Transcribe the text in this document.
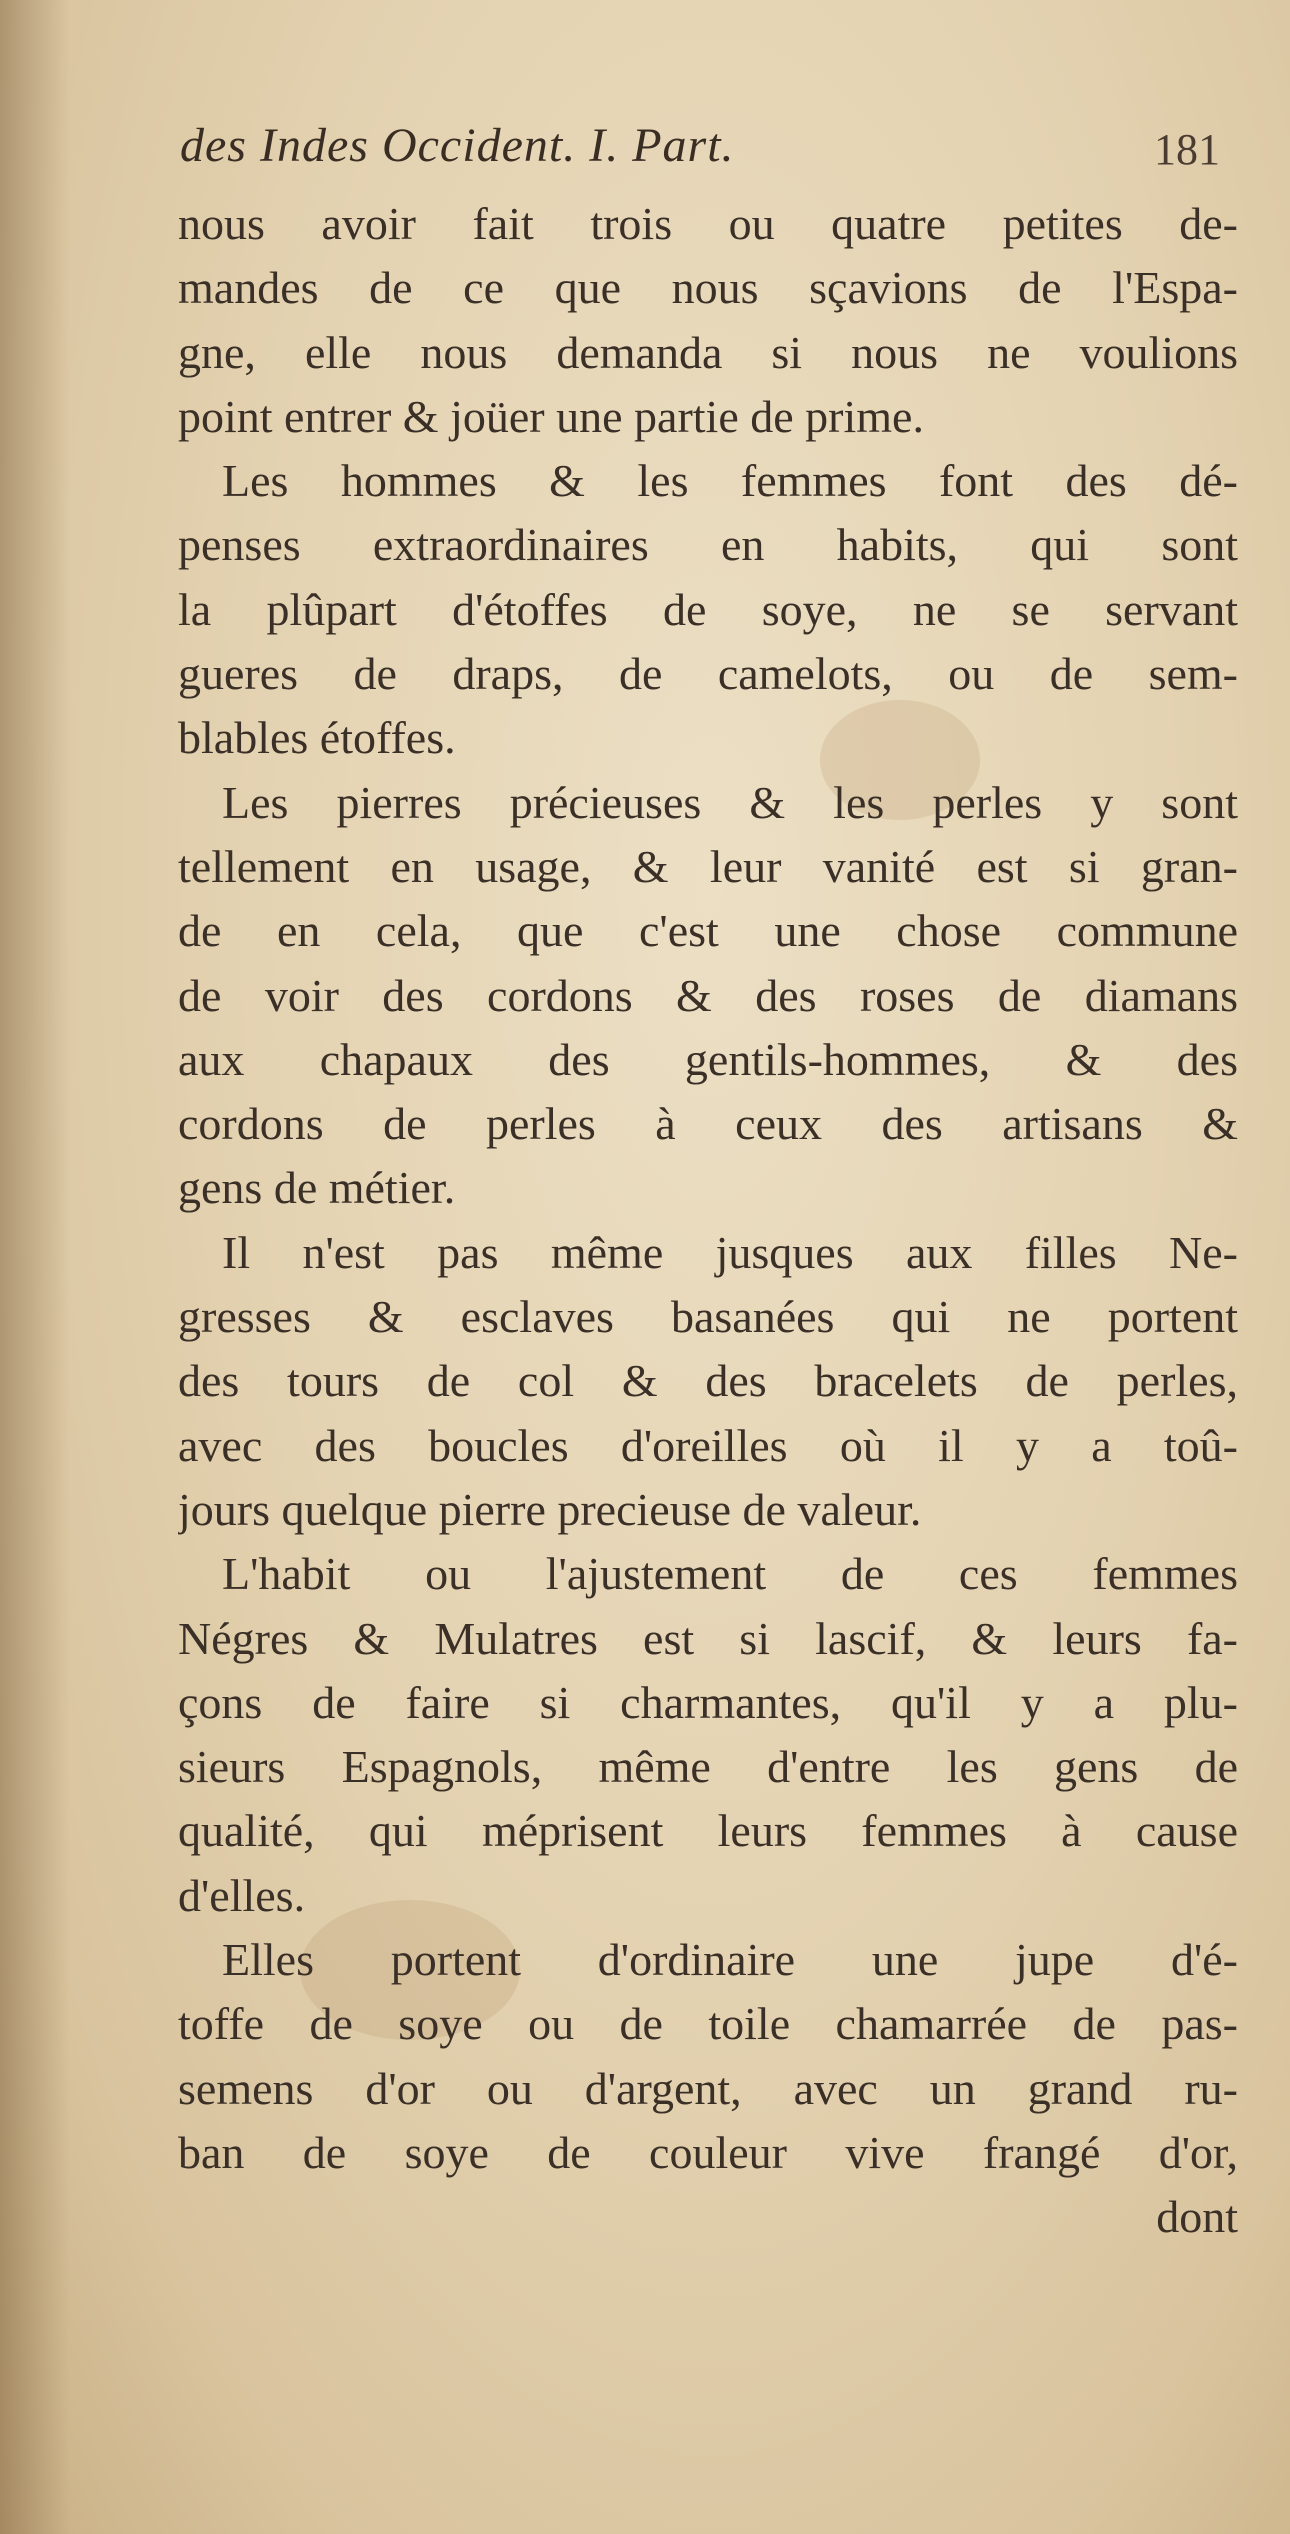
des Indes Occident. I. Part.	181
nous avoir fait trois ou quatre petites de-
mandes de ce que nous sçavions de l'Espa-
gne, elle nous demanda si nous ne voulions
point entrer & joüer une partie de prime.
Les hommes & les femmes font des dé-
penses extraordinaires en habits, qui sont
la plûpart d'étoffes de soye, ne se servant
gueres de draps, de camelots, ou de sem-
blables étoffes.
Les pierres précieuses & les perles y sont
tellement en usage, & leur vanité est si gran-
de en cela, que c'est une chose commune
de voir des cordons & des roses de diamans
aux chapaux des gentils-hommes, & des
cordons de perles à ceux des artisans &
gens de métier.
Il n'est pas même jusques aux filles Ne-
gresses & esclaves basanées qui ne portent
des tours de col & des bracelets de perles,
avec des boucles d'oreilles où il y a toû-
jours quelque pierre precieuse de valeur.
L'habit ou l'ajustement de ces femmes
Négres & Mulatres est si lascif, & leurs fa-
çons de faire si charmantes, qu'il y a plu-
sieurs Espagnols, même d'entre les gens de
qualité, qui méprisent leurs femmes à cause
d'elles.
Elles portent d'ordinaire une jupe d'é-
toffe de soye ou de toile chamarrée de pas-
semens d'or ou d'argent, avec un grand ru-
ban de soye de couleur vive frangé d'or,
dont
